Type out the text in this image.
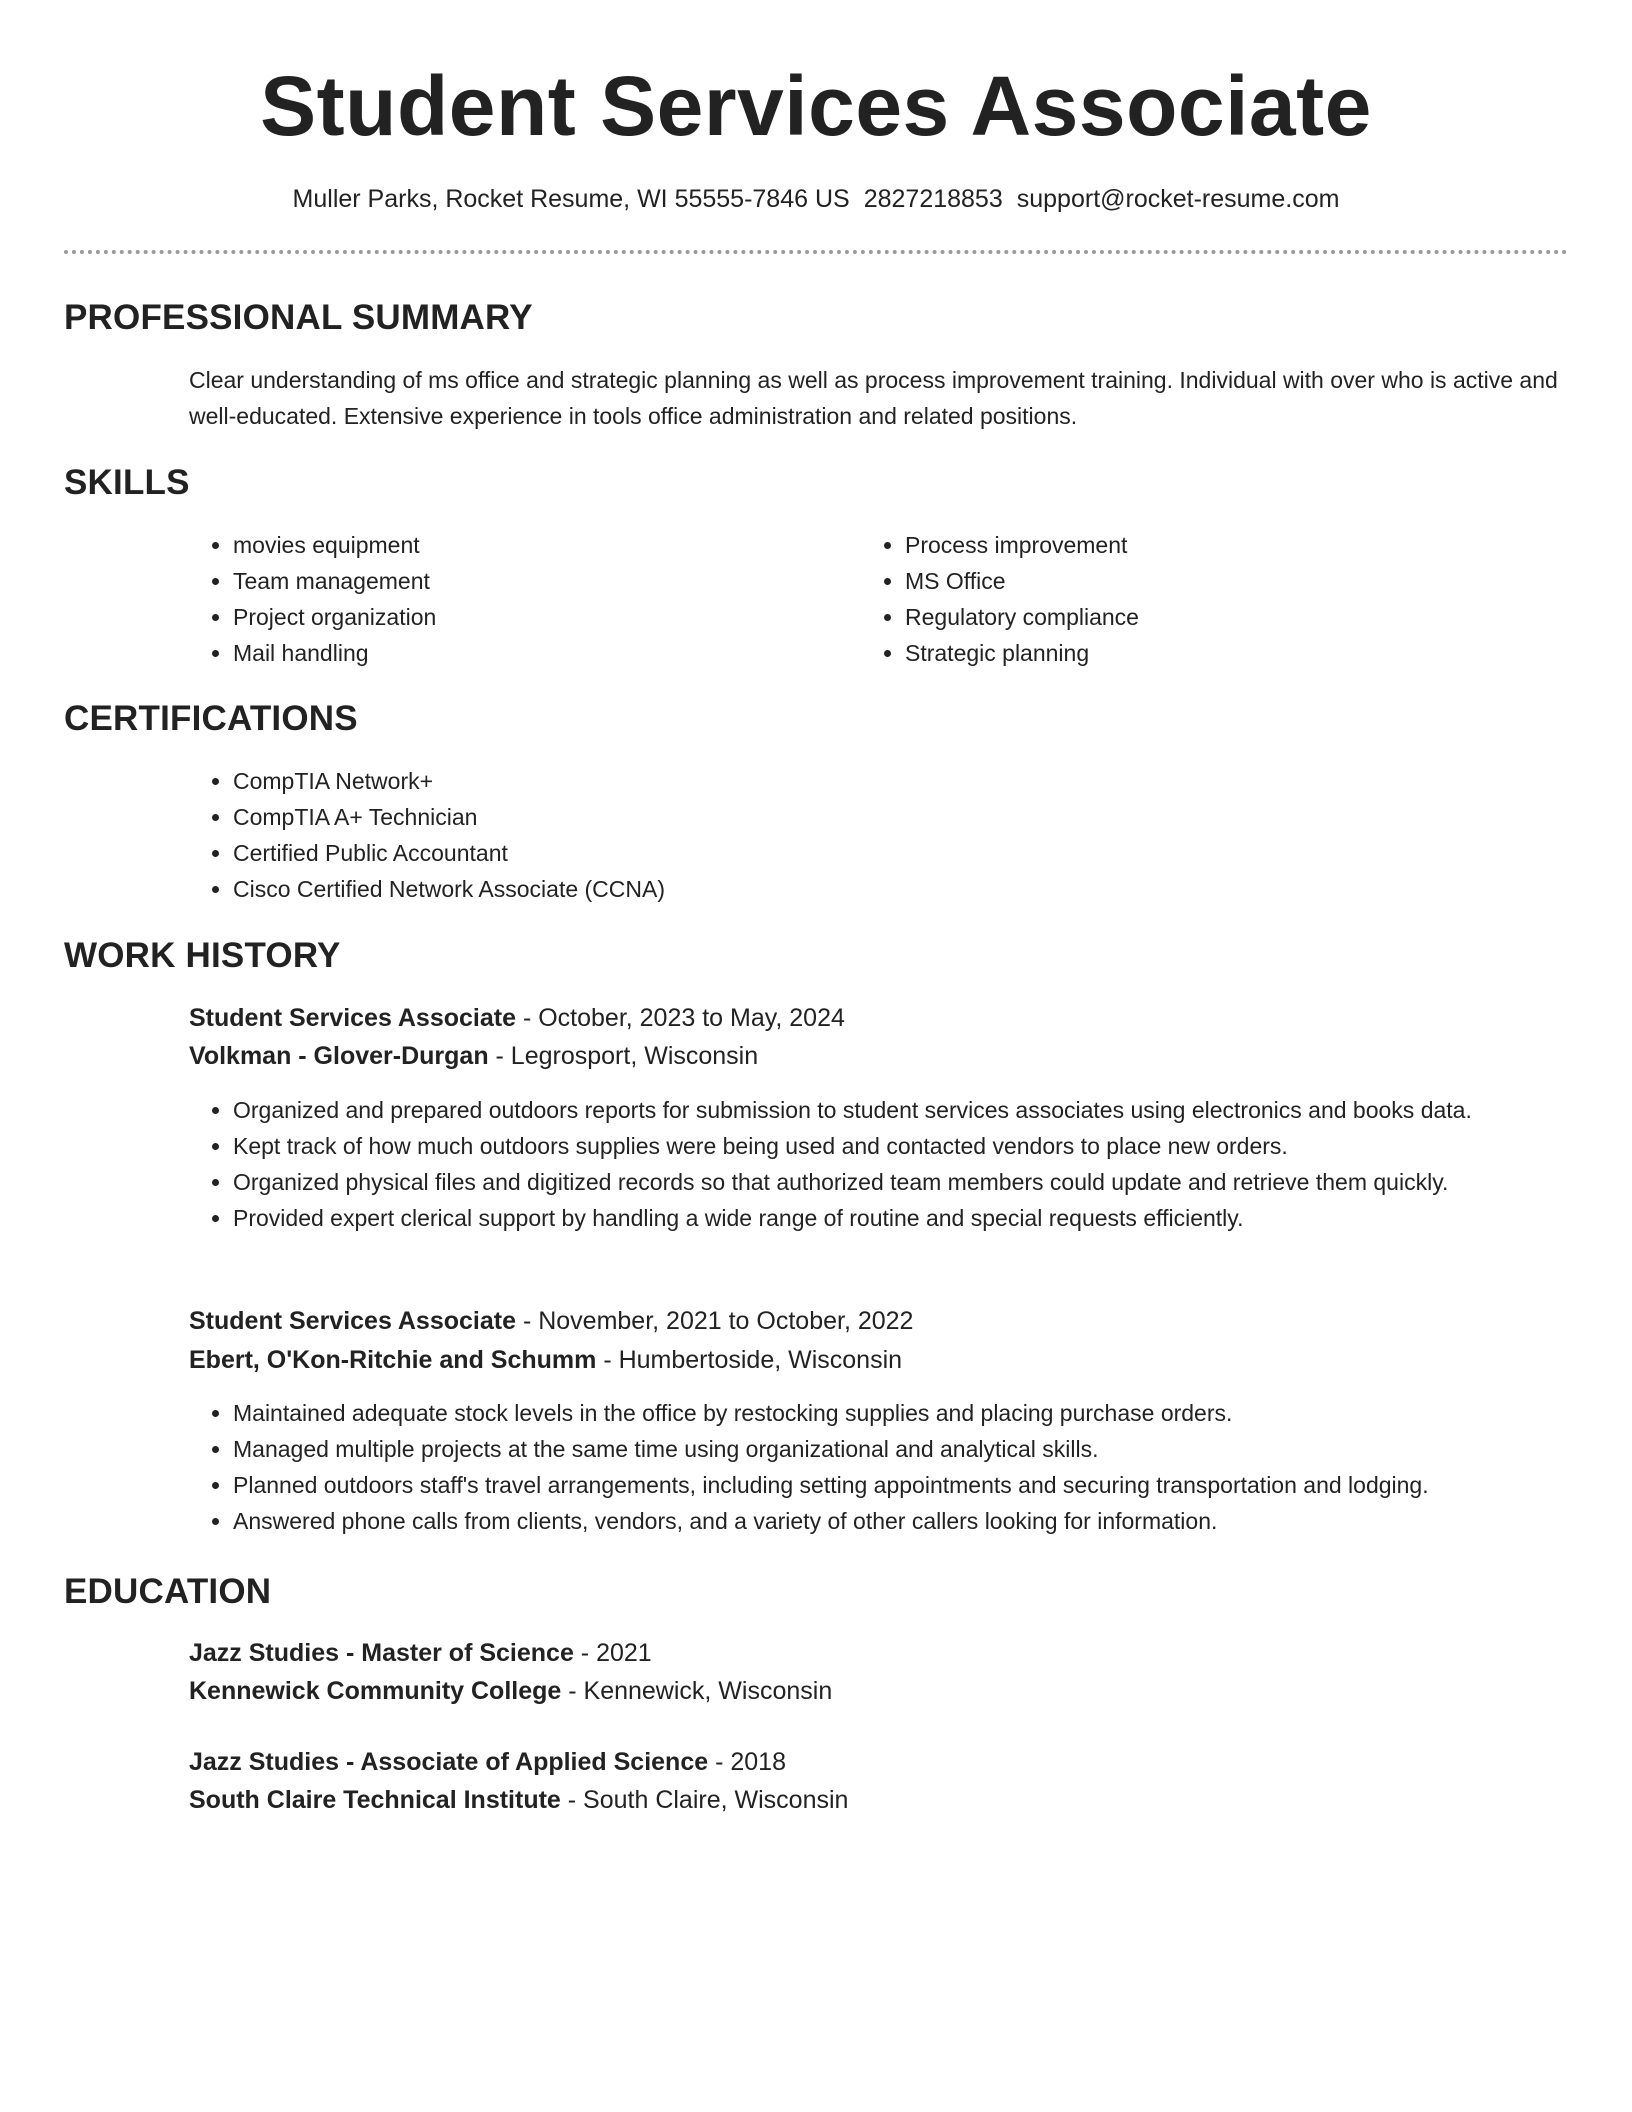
Student Services Associate
Muller Parks, Rocket Resume, WI 55555-7846 US 2827218853 support@rocket-resume.com
PROFESSIONAL SUMMARY

Clear understanding of ms office and strategic planning as well as process improvement training. Individual with over who is active and well-educated. Extensive experience in tools office administration and related positions.

SKILLS
• movies equipment
• Team management
• Project organization
• Mail handling
• Process improvement
• MS Office
• Regulatory compliance
• Strategic planning
CERTIFICATIONS
• CompTIA Network+
• CompTIA A+ Technician
• Certified Public Accountant
• Cisco Certified Network Associate (CCNA)
WORK HISTORY
Student Services Associate - October, 2023 to May, 2024
Volkman - Glover-Durgan - Legrosport, Wisconsin
• Organized and prepared outdoors reports for submission to student services associates using electronics and books data.
• Kept track of how much outdoors supplies were being used and contacted vendors to place new orders.
• Organized physical files and digitized records so that authorized team members could update and retrieve them quickly.
• Provided expert clerical support by handling a wide range of routine and special requests efficiently.
Student Services Associate - November, 2021 to October, 2022
Ebert, O'Kon-Ritchie and Schumm - Humbertoside, Wisconsin
• Maintained adequate stock levels in the office by restocking supplies and placing purchase orders.
• Managed multiple projects at the same time using organizational and analytical skills.
• Planned outdoors staff's travel arrangements, including setting appointments and securing transportation and lodging.
• Answered phone calls from clients, vendors, and a variety of other callers looking for information.
EDUCATION
Jazz Studies - Master of Science - 2021
Kennewick Community College - Kennewick, Wisconsin
Jazz Studies - Associate of Applied Science - 2018
South Claire Technical Institute - South Claire, Wisconsin
